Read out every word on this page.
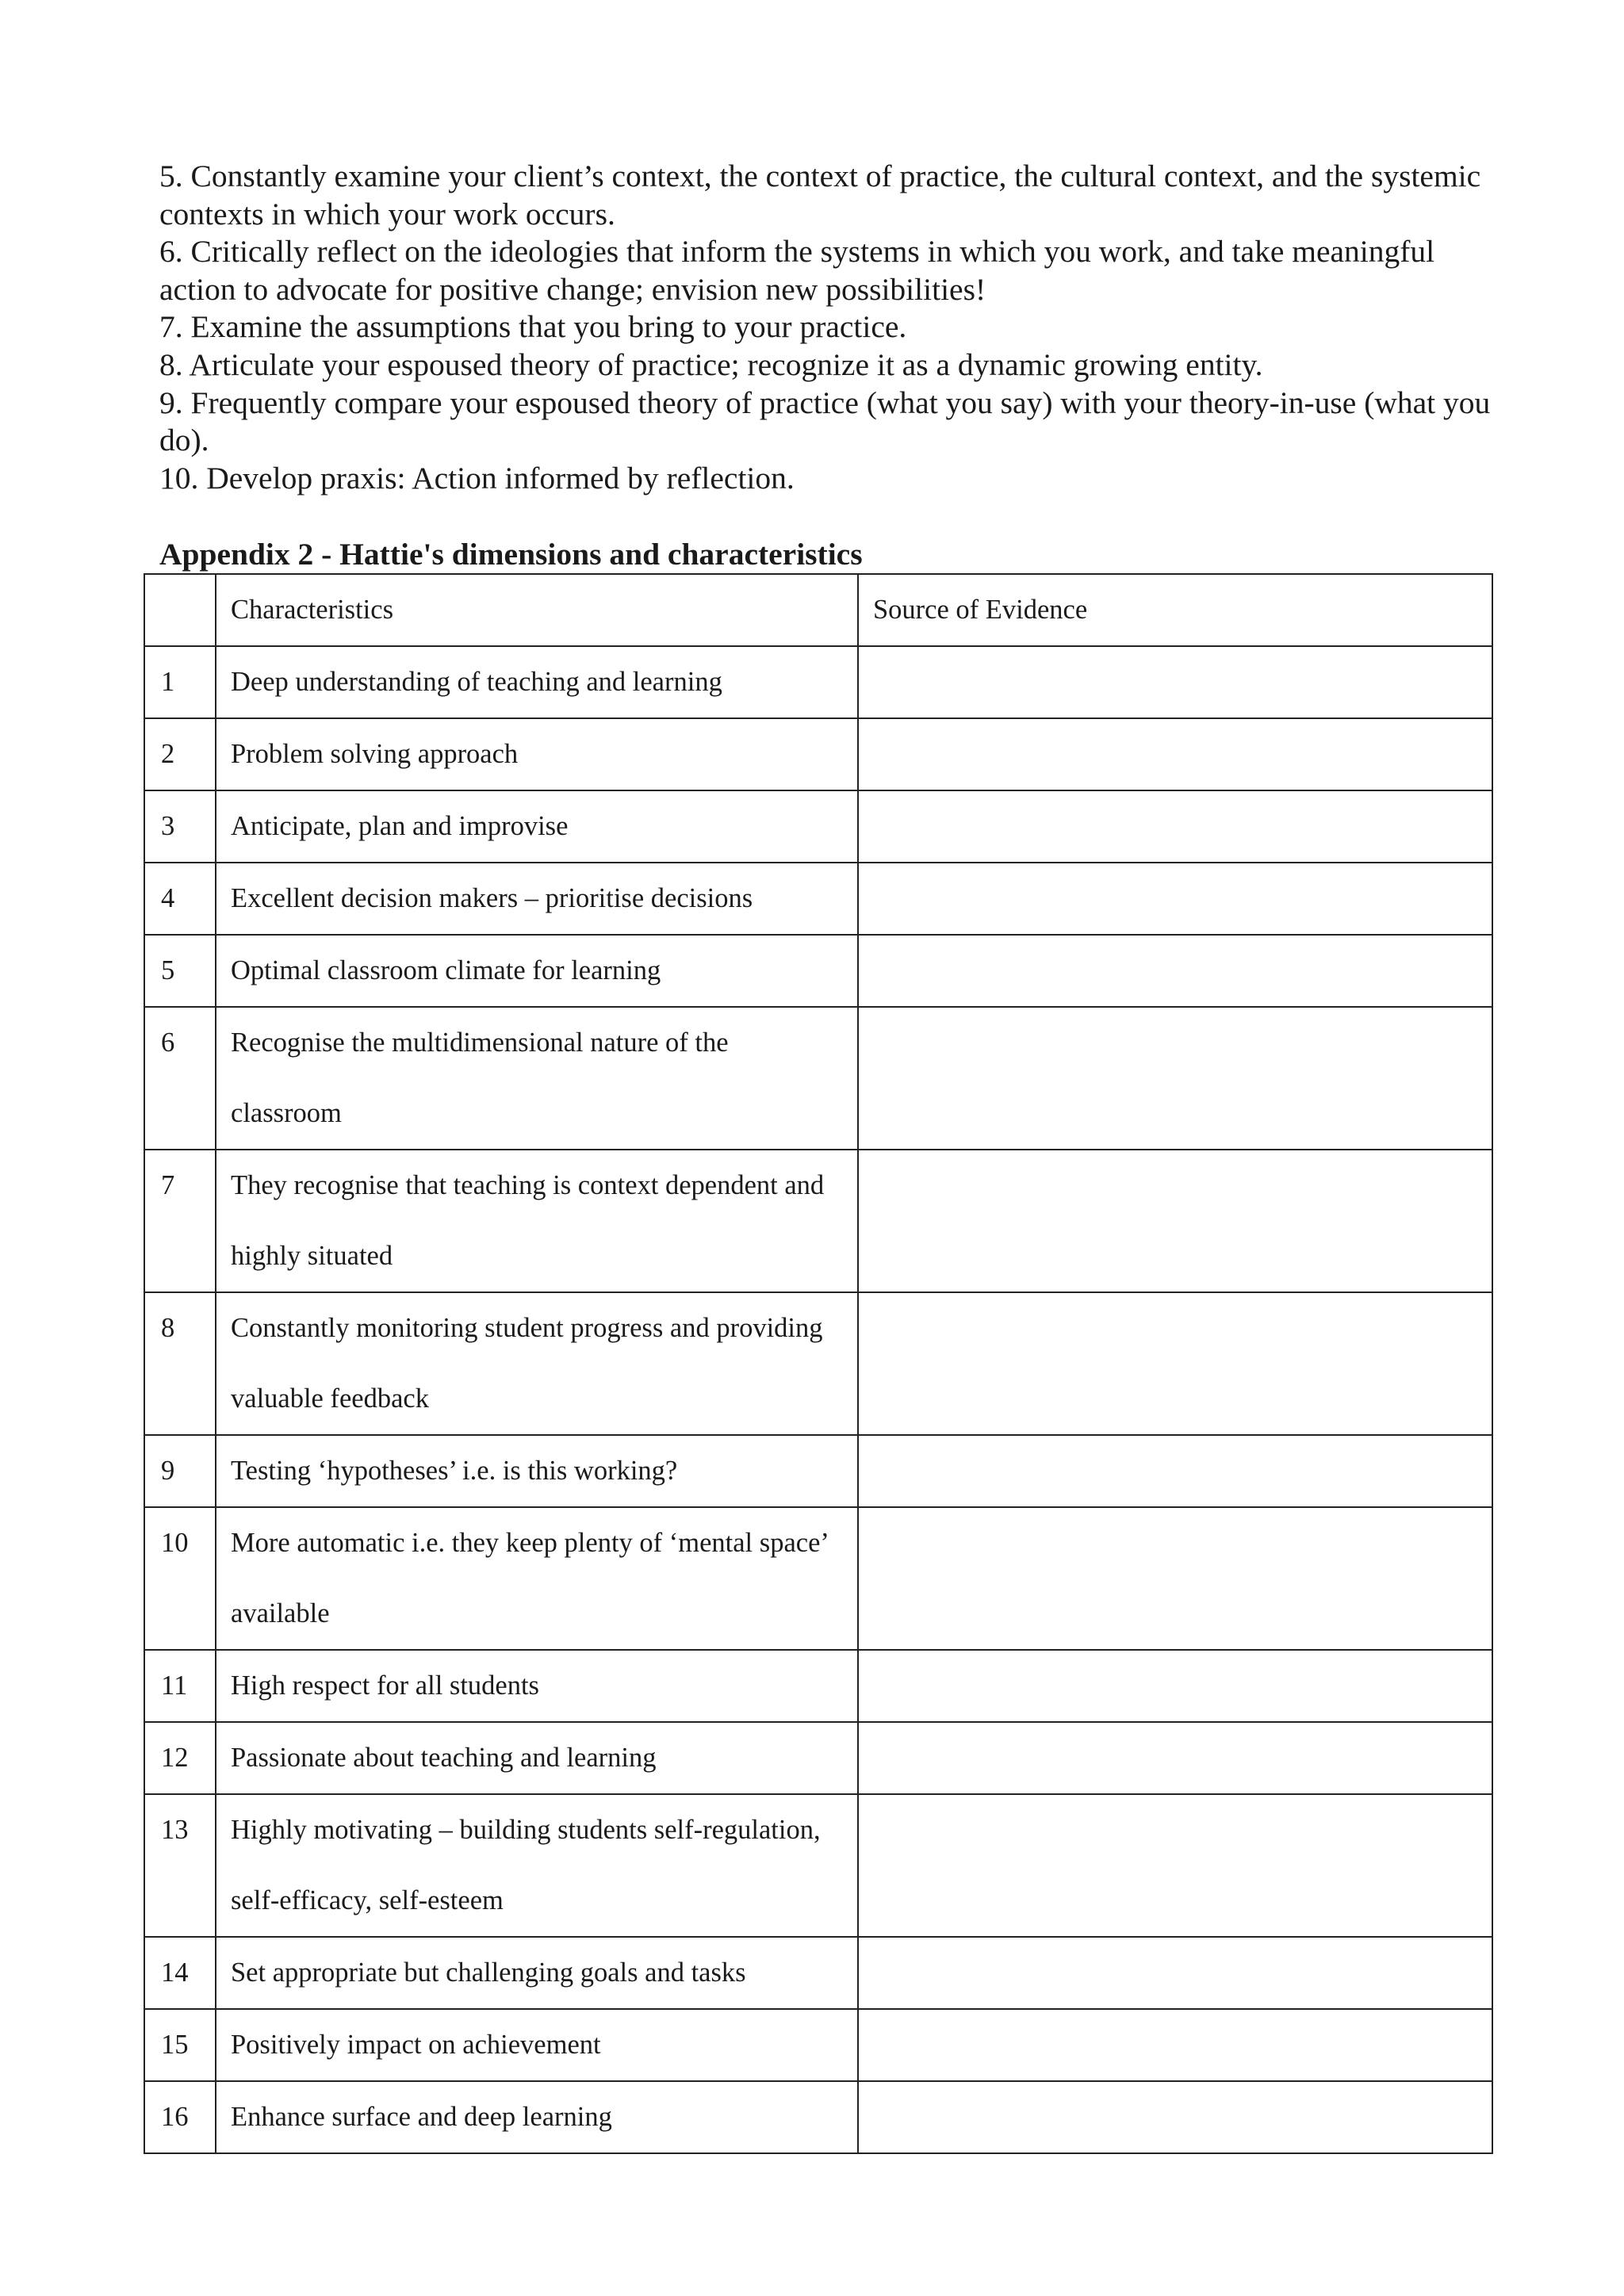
5. Constantly examine your client’s context, the context of practice, the cultural context, and the systemic contexts in which your work occurs.

6. Critically reflect on the ideologies that inform the systems in which you work, and take meaningful action to advocate for positive change; envision new possibilities!

7. Examine the assumptions that you bring to your practice.

8. Articulate your espoused theory of practice; recognize it as a dynamic growing entity.

9. Frequently compare your espoused theory of practice (what you say) with your theory-in-use (what you do).

10. Develop praxis: Action informed by reflection.

Appendix 2 - Hattie's dimensions and characteristics
	Characteristics	Source of Evidence
1	Deep understanding of teaching and learning	
2	Problem solving approach	
3	Anticipate, plan and improvise	
4	Excellent decision makers – prioritise decisions	
5	Optimal classroom climate for learning	
6	Recognise the multidimensional nature of the classroom	
7	They recognise that teaching is context dependent and highly situated	
8	Constantly monitoring student progress and providing valuable feedback	
9	Testing ‘hypotheses’ i.e. is this working?	
10	More automatic i.e. they keep plenty of ‘mental space’ available	
11	High respect for all students	
12	Passionate about teaching and learning	
13	Highly motivating – building students self-regulation, self-efficacy, self-esteem	
14	Set appropriate but challenging goals and tasks	
15	Positively impact on achievement	
16	Enhance surface and deep learning	
